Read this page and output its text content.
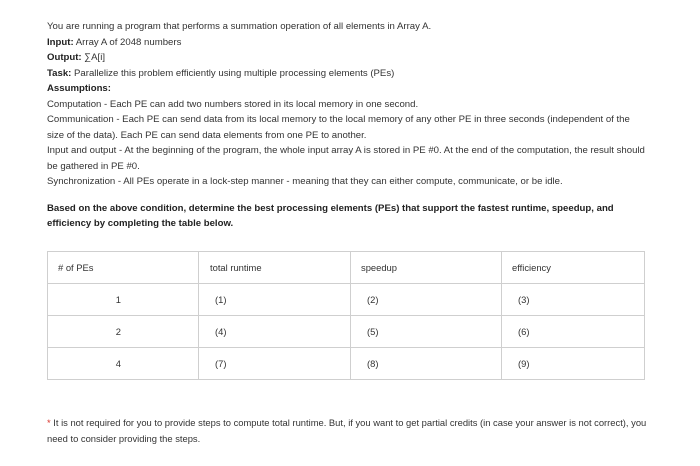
You are running a program that performs a summation operation of all elements in Array A.
Input: Array A of 2048 numbers
Output: ∑A[i]
Task: Parallelize this problem efficiently using multiple processing elements (PEs)
Assumptions:
Computation - Each PE can add two numbers stored in its local memory in one second.
Communication - Each PE can send data from its local memory to the local memory of any other PE in three seconds (independent of the size of the data). Each PE can send data elements from one PE to another.
Input and output - At the beginning of the program, the whole input array A is stored in PE #0. At the end of the computation, the result should be gathered in PE #0.
Synchronization - All PEs operate in a lock-step manner - meaning that they can either compute, communicate, or be idle.
Based on the above condition, determine the best processing elements (PEs) that support the fastest runtime, speedup, and efficiency by completing the table below.
# of PEs	total runtime	speedup	efficiency
1	(1)	(2)	(3)
2	(4)	(5)	(6)
4	(7)	(8)	(9)
* It is not required for you to provide steps to compute total runtime. But, if you want to get partial credits (in case your answer is not correct), you need to consider providing the steps.
